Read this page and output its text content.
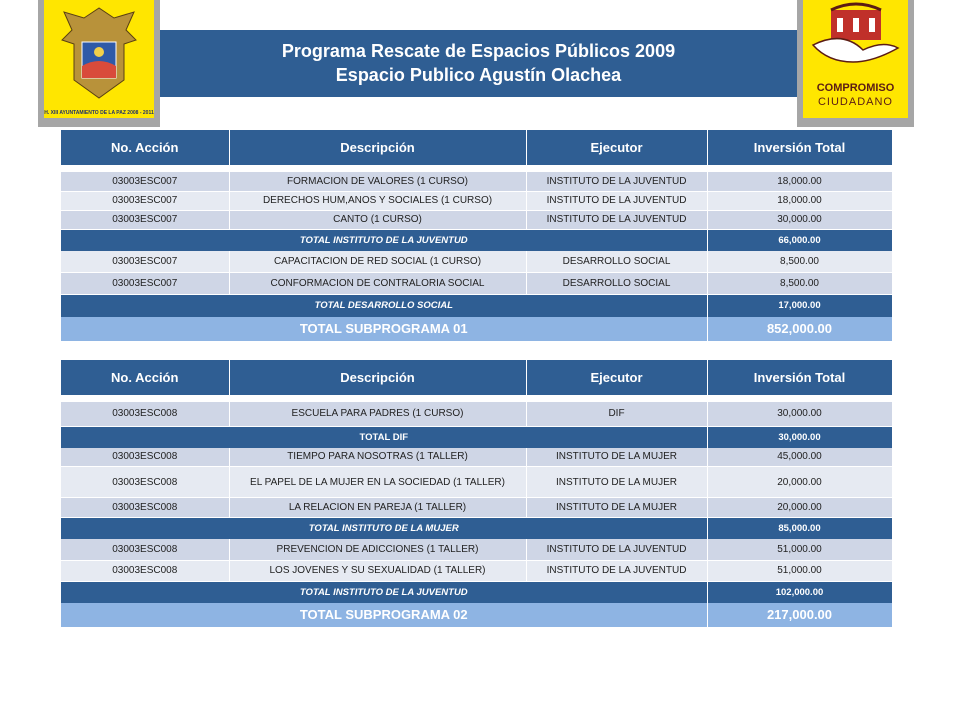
H. XIII AYUNTAMIENTO DE LA PAZ 2008 - 2011
Programa Rescate de Espacios Públicos 2009
Espacio Publico Agustín Olachea
COMPROMISO
CIUDADANO
No. Acción	Descripción	Ejecutor	Inversión Total

03003ESC007	FORMACION DE VALORES (1 CURSO)	INSTITUTO DE LA JUVENTUD	18,000.00
03003ESC007	DERECHOS HUM,ANOS Y SOCIALES (1 CURSO)	INSTITUTO DE LA JUVENTUD	18,000.00
03003ESC007	CANTO (1 CURSO)	INSTITUTO DE LA JUVENTUD	30,000.00
TOTAL INSTITUTO DE LA JUVENTUD			66,000.00
03003ESC007	CAPACITACION DE RED SOCIAL (1 CURSO)	DESARROLLO SOCIAL	8,500.00
03003ESC007	CONFORMACION DE CONTRALORIA SOCIAL	DESARROLLO SOCIAL	8,500.00
TOTAL DESARROLLO SOCIAL			17,000.00
TOTAL SUBPROGRAMA 01			852,000.00
No. Acción	Descripción	Ejecutor	Inversión Total

03003ESC008	ESCUELA PARA PADRES (1 CURSO)	DIF	30,000.00
TOTAL DIF			30,000.00
03003ESC008	TIEMPO PARA NOSOTRAS (1 TALLER)	INSTITUTO DE LA MUJER	45,000.00
03003ESC008	EL PAPEL DE LA MUJER EN LA SOCIEDAD (1 TALLER)	INSTITUTO DE LA MUJER	20,000.00
03003ESC008	LA RELACION EN PAREJA (1 TALLER)	INSTITUTO DE LA MUJER	20,000.00
TOTAL INSTITUTO DE LA MUJER			85,000.00
03003ESC008	PREVENCION DE ADICCIONES (1 TALLER)	INSTITUTO DE LA JUVENTUD	51,000.00
03003ESC008	LOS JOVENES Y SU SEXUALIDAD (1 TALLER)	INSTITUTO DE LA JUVENTUD	51,000.00
TOTAL INSTITUTO DE LA JUVENTUD			102,000.00
TOTAL SUBPROGRAMA 02			217,000.00
